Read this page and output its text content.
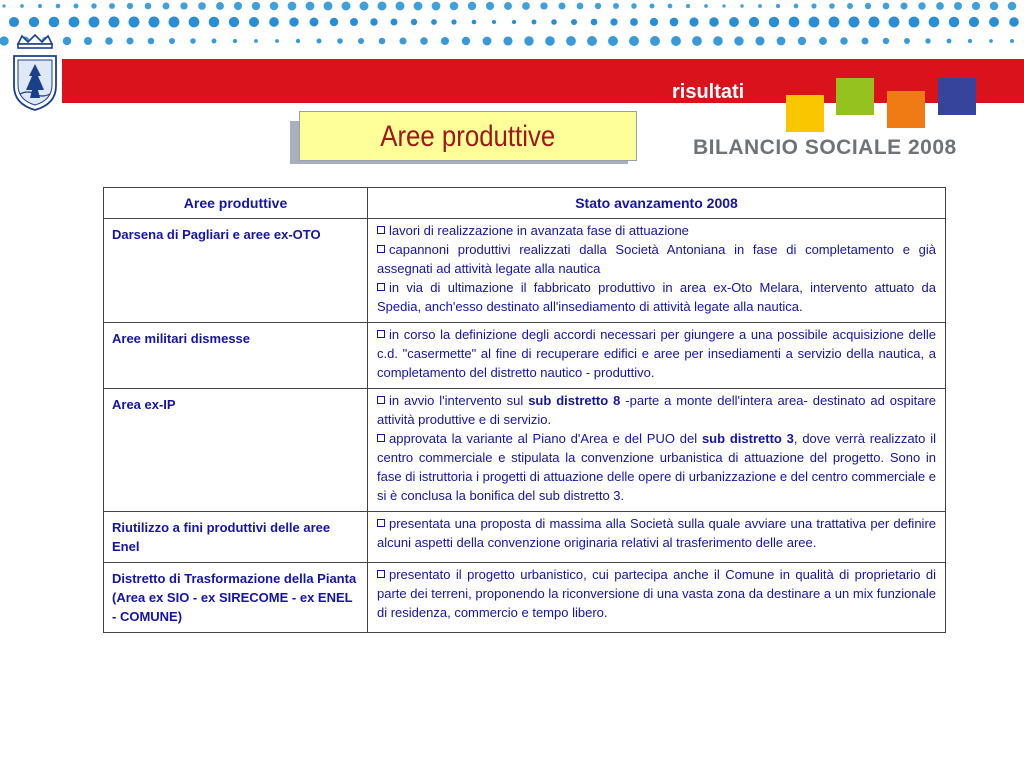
risultati
BILANCIO SOCIALE 2008
Aree produttive
Aree produttive	Stato avanzamento 2008
Darsena di Pagliari e aree ex-OTO	lavori di realizzazione in avanzata fase di attuazione
capannoni produttivi realizzati dalla Società Antoniana in fase di completamento e già assegnati ad attività legate alla nautica
in via di ultimazione il fabbricato produttivo in area ex-Oto Melara, intervento attuato da Spedia, anch'esso destinato all'insediamento di attività legate alla nautica.

Aree militari dismesse	in corso la definizione degli accordi necessari per giungere a una possibile acquisizione delle c.d. "casermette" al fine di recuperare edifici e aree per insediamenti a servizio della nautica, a completamento del distretto nautico - produttivo.

Area ex-IP	in avvio l'intervento sul sub distretto 8 -parte a monte dell'intera area- destinato ad ospitare attività produttive e di servizio.
approvata la variante al Piano d'Area e del PUO del sub distretto 3, dove verrà realizzato il centro commerciale e stipulata la convenzione urbanistica di attuazione del progetto. Sono in fase di istruttoria i progetti di attuazione delle opere di urbanizzazione e del centro commerciale e si è conclusa la bonifica del sub distretto 3.

Riutilizzo a fini produttivi delle aree Enel	presentata una proposta di massima alla Società sulla quale avviare una trattativa per definire alcuni aspetti della convenzione originaria relativi al trasferimento delle aree.

Distretto di Trasformazione della Pianta
(Area ex SIO - ex SIRECOME - ex ENEL - COMUNE)	presentato il progetto urbanistico, cui partecipa anche il Comune in qualità di proprietario di parte dei terreni, proponendo la riconversione di una vasta zona da destinare a un mix funzionale di residenza, commercio e tempo libero.
